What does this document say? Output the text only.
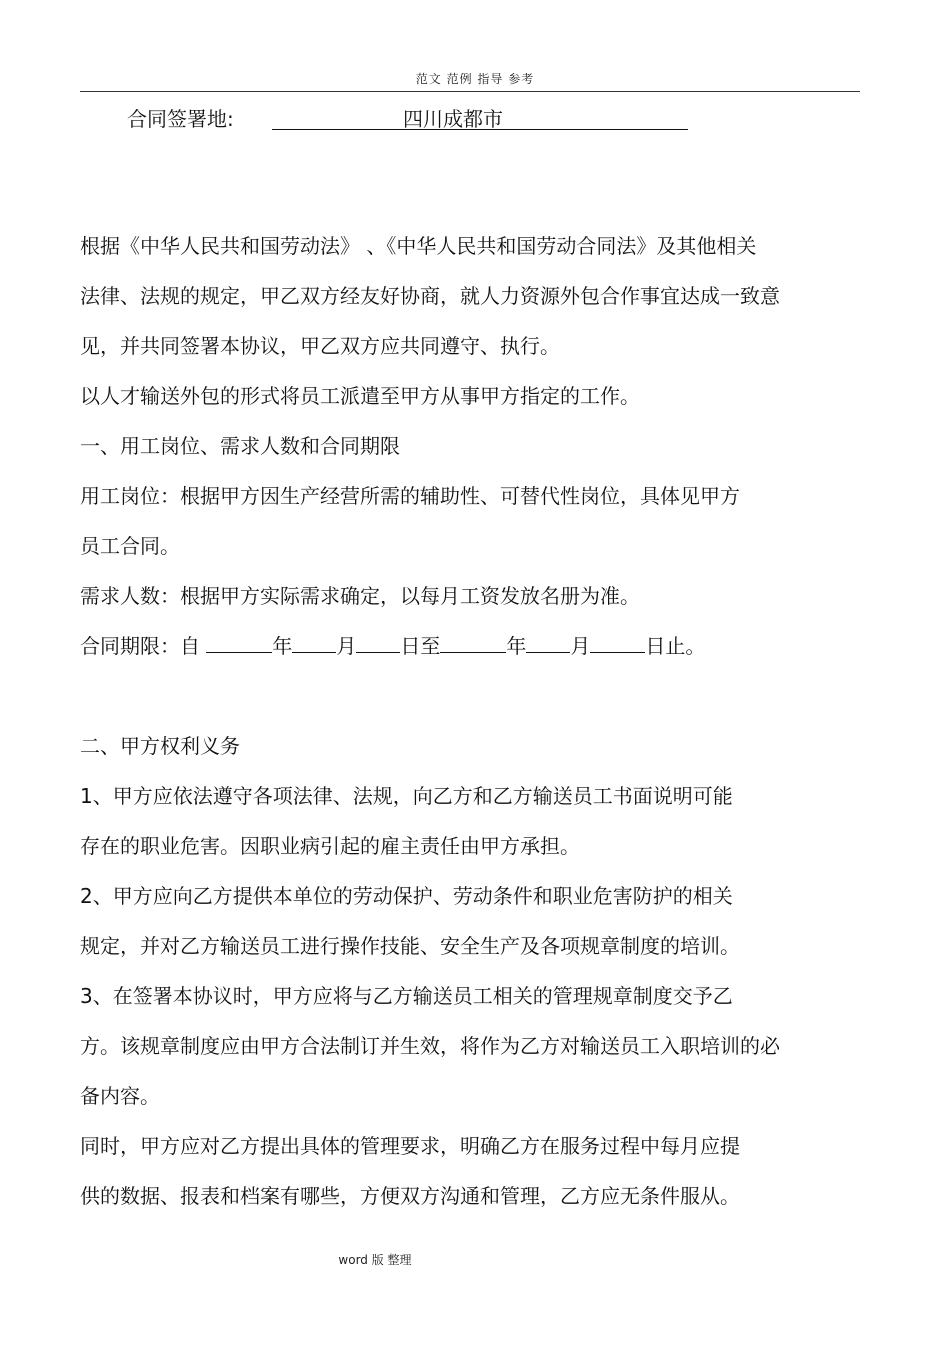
范文 范例 指导 参考
合同签署地:	四川成都市
根据《中华人民共和国劳动法》 、《中华人民共和国劳动合同法》及其他相关
法律、法规的规定，甲乙双方经友好协商，就人力资源外包合作事宜达成一致意
见，并共同签署本协议，甲乙双方应共同遵守、执行。
以人才输送外包的形式将员工派遣至甲方从事甲方指定的工作。
一、用工岗位、需求人数和合同期限
用工岗位：根据甲方因生产经营所需的辅助性、可替代性岗位，具体见甲方
员工合同。
需求人数：根据甲方实际需求确定，以每月工资发放名册为准。
合同期限：自	年 月 日至	年 月	日止。
二、甲方权利义务
1、甲方应依法遵守各项法律、法规，向乙方和乙方输送员工书面说明可能
存在的职业危害。因职业病引起的雇主责任由甲方承担。
2、甲方应向乙方提供本单位的劳动保护、劳动条件和职业危害防护的相关
规定，并对乙方输送员工进行操作技能、安全生产及各项规章制度的培训。
3、在签署本协议时，甲方应将与乙方输送员工相关的管理规章制度交予乙
方。该规章制度应由甲方合法制订并生效，将作为乙方对输送员工入职培训的必
备内容。
同时，甲方应对乙方提出具体的管理要求，明确乙方在服务过程中每月应提
供的数据、报表和档案有哪些，方便双方沟通和管理，乙方应无条件服从。
word 版 整理
